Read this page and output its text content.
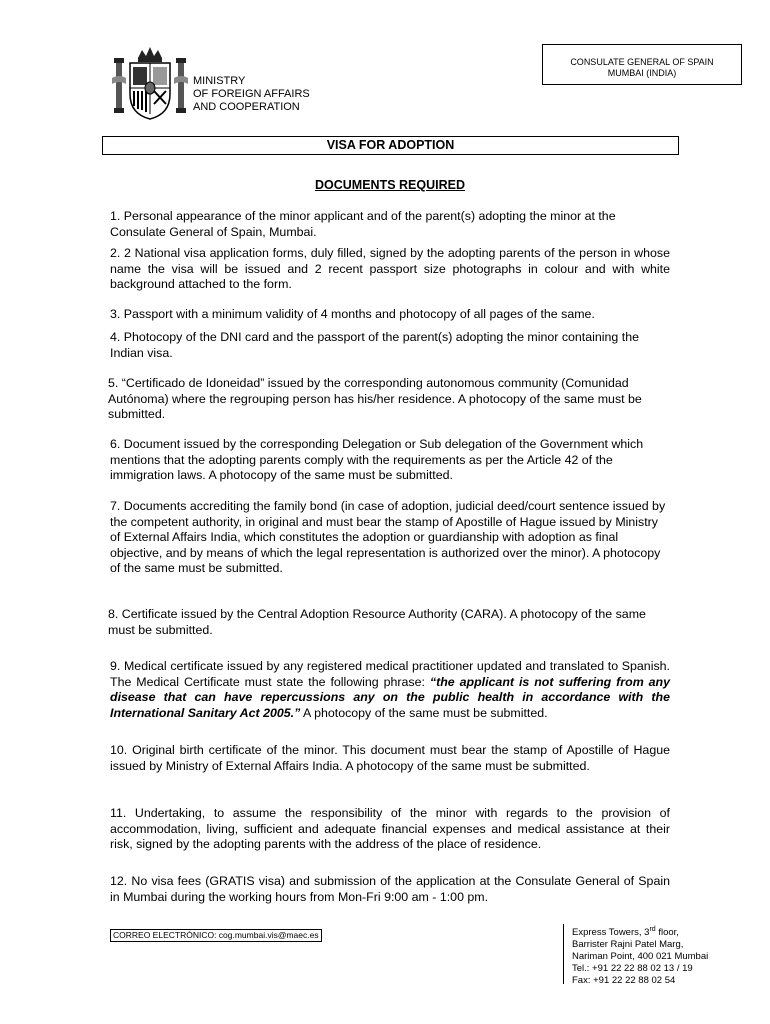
CONSULATE GENERAL OF SPAIN
MUMBAI (INDIA)
MINISTRY
OF FOREIGN AFFAIRS
AND COOPERATION
VISA FOR ADOPTION
DOCUMENTS REQUIRED
1. Personal appearance of the minor applicant and of the parent(s) adopting the minor at the Consulate General of Spain, Mumbai.
2. 2 National visa application forms, duly filled, signed by the adopting parents of the person in whose name the visa will be issued and 2 recent passport size photographs in colour and with white background attached to the form.
3. Passport with a minimum validity of 4 months and photocopy of all pages of the same.
4. Photocopy of the DNI card and the passport of the parent(s) adopting the minor containing the Indian visa.
5. “Certificado de Idoneidad” issued by the corresponding autonomous community (Comunidad Autónoma) where the regrouping person has his/her residence. A photocopy of the same must be submitted.
6. Document issued by the corresponding Delegation or Sub delegation of the Government which mentions that the adopting parents comply with the requirements as per the Article 42 of the immigration laws. A photocopy of the same must be submitted.
7. Documents accrediting the family bond (in case of adoption, judicial deed/court sentence issued by the competent authority, in original and must bear the stamp of Apostille of Hague issued by Ministry of External Affairs India, which constitutes the adoption or guardianship with adoption as final objective, and by means of which the legal representation is authorized over the minor). A photocopy of the same must be submitted.
8. Certificate issued by the Central Adoption Resource Authority (CARA). A photocopy of the same must be submitted.
9. Medical certificate issued by any registered medical practitioner updated and translated to Spanish. The Medical Certificate must state the following phrase: “the applicant is not suffering from any disease that can have repercussions any on the public health in accordance with the International Sanitary Act 2005.” A photocopy of the same must be submitted.
10. Original birth certificate of the minor. This document must bear the stamp of Apostille of Hague issued by Ministry of External Affairs India. A photocopy of the same must be submitted.
11. Undertaking, to assume the responsibility of the minor with regards to the provision of accommodation, living, sufficient and adequate financial expenses and medical assistance at their risk, signed by the adopting parents with the address of the place of residence.
12. No visa fees (GRATIS visa) and submission of the application at the Consulate General of Spain in Mumbai during the working hours from Mon-Fri 9:00 am - 1:00 pm.
CORREO ELECTRÓNICO: cog.mumbai.vis@maec.es	Express Towers, 3rd floor,
Barrister Rajni Patel Marg,
Nariman Point, 400 021 Mumbai
Tel.: +91 22 22 88 02 13 / 19
Fax: +91 22 22 88 02 54
